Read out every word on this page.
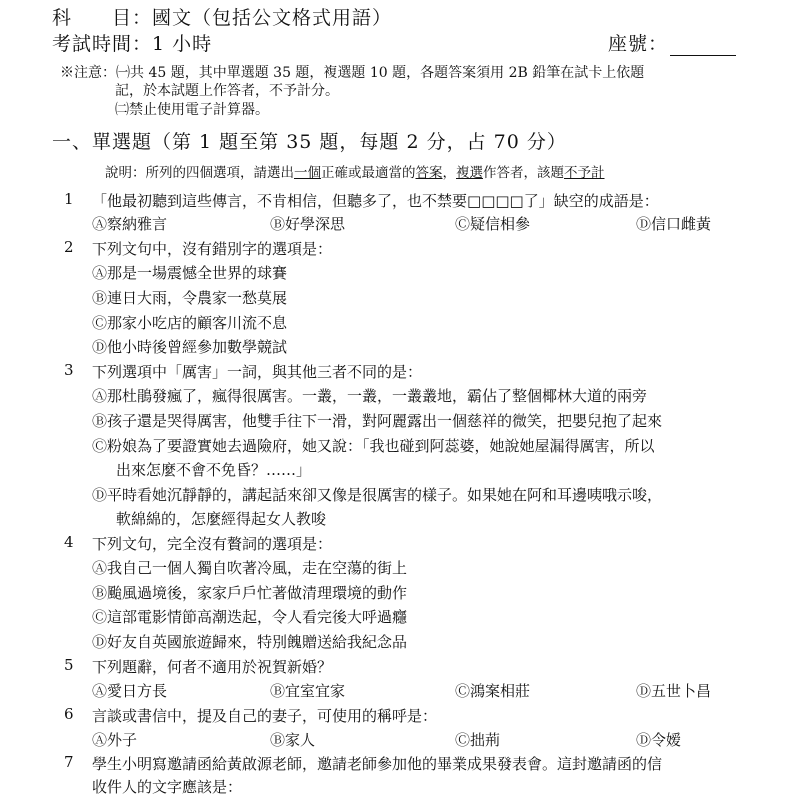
科　　目：國文（包括公文格式用語）
考試時間：1 小時	座號：
※注意：㈠共 45 題，其中單選題 35 題，複選題 10 題，各題答案須用 2B 鉛筆在試卡上依題
記，於本試題上作答者，不予計分。
㈡禁止使用電子計算器。
一、單選題（第 1 題至第 35 題，每題 2 分，占 70 分）
說明：所列的四個選項，請選出一個正確或最適當的答案，複選作答者，該題不予計
1 「他最初聽到這些傳言，不肯相信，但聽多了，也不禁要□□□□了」缺空的成語是：
Ⓐ察納雅言	Ⓑ好學深思	Ⓒ疑信相參	Ⓓ信口雌黃
2 下列文句中，沒有錯別字的選項是：
Ⓐ那是一場震憾全世界的球賽
Ⓑ連日大雨，令農家一愁莫展
Ⓒ那家小吃店的顧客川流不息
Ⓓ他小時後曾經參加數學競試
3 下列選項中「厲害」一詞，與其他三者不同的是：
Ⓐ那杜鵑發瘋了，瘋得很厲害。一叢，一叢，一叢叢地，霸佔了整個椰林大道的兩旁
Ⓑ孩子還是哭得厲害，他雙手往下一滑，對阿麗露出一個慈祥的微笑，把嬰兒抱了起來
Ⓒ粉娘為了要證實她去過險府，她又說：「我也碰到阿蕊婆，她說她屋漏得厲害，所以
出來怎麼不會不免昏？……」
Ⓓ平時看她沉靜靜的，講起話來卻又像是很厲害的樣子。如果她在阿和耳邊咦哦示唆，
軟綿綿的，怎麼經得起女人教唆
4 下列文句，完全沒有贅詞的選項是：
Ⓐ我自己一個人獨自吹著冷風，走在空蕩的街上
Ⓑ颱風過境後，家家戶戶忙著做清理環境的動作
Ⓒ這部電影情節高潮迭起，令人看完後大呼過癮
Ⓓ好友自英國旅遊歸來，特別餽贈送給我紀念品
5 下列題辭，何者不適用於祝賀新婚？
Ⓐ愛日方長	Ⓑ宜室宜家	Ⓒ鴻案相莊	Ⓓ五世卜昌
6 言談或書信中，提及自己的妻子，可使用的稱呼是：
Ⓐ外子	Ⓑ家人	Ⓒ拙荊	Ⓓ令嫒
7 學生小明寫邀請函給黃啟源老師，邀請老師參加他的畢業成果發表會。這封邀請函的信
收件人的文字應該是：
